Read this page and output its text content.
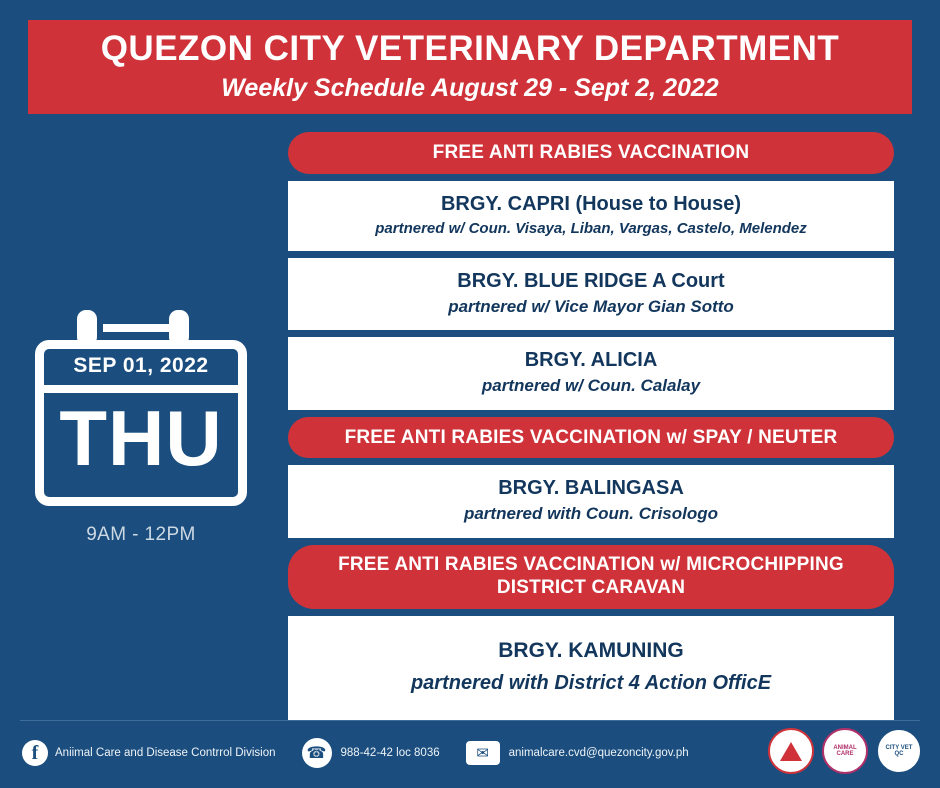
QUEZON CITY VETERINARY DEPARTMENT
Weekly Schedule August 29 - Sept 2, 2022
SEP 01, 2022
THU
9AM - 12PM
FREE ANTI RABIES VACCINATION
BRGY. CAPRI (House to House)
partnered w/ Coun. Visaya, Liban, Vargas, Castelo, Melendez
BRGY. BLUE RIDGE A Court
partnered w/ Vice Mayor Gian Sotto
BRGY. ALICIA
partnered w/ Coun. Calalay
FREE ANTI RABIES VACCINATION w/ SPAY / NEUTER
BRGY. BALINGASA
partnered with Coun. Crisologo
FREE ANTI RABIES VACCINATION w/ MICROCHIPPING
DISTRICT CARAVAN
BRGY. KAMUNING
partnered with District 4 Action OfficE
f	Aniimal Care and Disease Contrrol Division	☎	988-42-42 loc 8036	✉	animalcare.cvd@quezoncity.gov.ph	ANIMAL
CARE
CITY VET
QC
